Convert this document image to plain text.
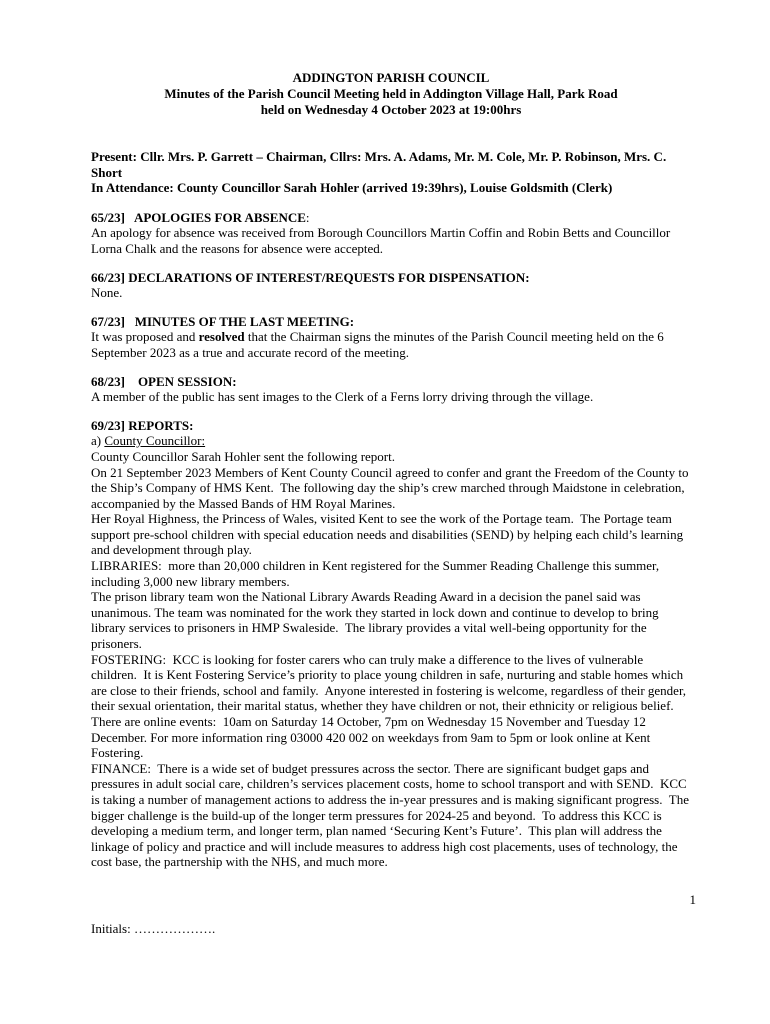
ADDINGTON PARISH COUNCIL
Minutes of the Parish Council Meeting held in Addington Village Hall, Park Road
held on Wednesday 4 October 2023 at 19:00hrs
Present: Cllr. Mrs. P. Garrett – Chairman, Cllrs: Mrs. A. Adams, Mr. M. Cole, Mr. P. Robinson, Mrs. C. Short
In Attendance: County Councillor Sarah Hohler (arrived 19:39hrs), Louise Goldsmith (Clerk)
65/23]   APOLOGIES FOR ABSENCE:

An apology for absence was received from Borough Councillors Martin Coffin and Robin Betts and Councillor Lorna Chalk and the reasons for absence were accepted.

66/23] DECLARATIONS OF INTEREST/REQUESTS FOR DISPENSATION:

None.

67/23]   MINUTES OF THE LAST MEETING:

It was proposed and resolved that the Chairman signs the minutes of the Parish Council meeting held on the 6 September 2023 as a true and accurate record of the meeting.

68/23]    OPEN SESSION:

A member of the public has sent images to the Clerk of a Ferns lorry driving through the village.

69/23] REPORTS:
a) County Councillor:

County Councillor Sarah Hohler sent the following report.

On 21 September 2023 Members of Kent County Council agreed to confer and grant the Freedom of the County to the Ship’s Company of HMS Kent.  The following day the ship’s crew marched through Maidstone in celebration, accompanied by the Massed Bands of HM Royal Marines.

Her Royal Highness, the Princess of Wales, visited Kent to see the work of the Portage team.  The Portage team support pre-school children with special education needs and disabilities (SEND) by helping each child’s learning and development through play.

LIBRARIES:  more than 20,000 children in Kent registered for the Summer Reading Challenge this summer, including 3,000 new library members.

The prison library team won the National Library Awards Reading Award in a decision the panel said was unanimous. The team was nominated for the work they started in lock down and continue to develop to bring library services to prisoners in HMP Swaleside.  The library provides a vital well-being opportunity for the prisoners.

FOSTERING:  KCC is looking for foster carers who can truly make a difference to the lives of vulnerable children.  It is Kent Fostering Service’s priority to place young children in safe, nurturing and stable homes which are close to their friends, school and family.  Anyone interested in fostering is welcome, regardless of their gender, their sexual orientation, their marital status, whether they have children or not, their ethnicity or religious belief.   There are online events:  10am on Saturday 14 October, 7pm on Wednesday 15 November and Tuesday 12 December. For more information ring 03000 420 002 on weekdays from 9am to 5pm or look online at Kent Fostering.

FINANCE:  There is a wide set of budget pressures across the sector. There are significant budget gaps and pressures in adult social care, children’s services placement costs, home to school transport and with SEND.  KCC is taking a number of management actions to address the in-year pressures and is making significant progress.  The bigger challenge is the build-up of the longer term pressures for 2024-25 and beyond.  To address this KCC is developing a medium term, and longer term, plan named ‘Securing Kent’s Future’.  This plan will address the linkage of policy and practice and will include measures to address high cost placements, uses of technology, the cost base, the partnership with the NHS, and much more.

1
Initials: ……………….
